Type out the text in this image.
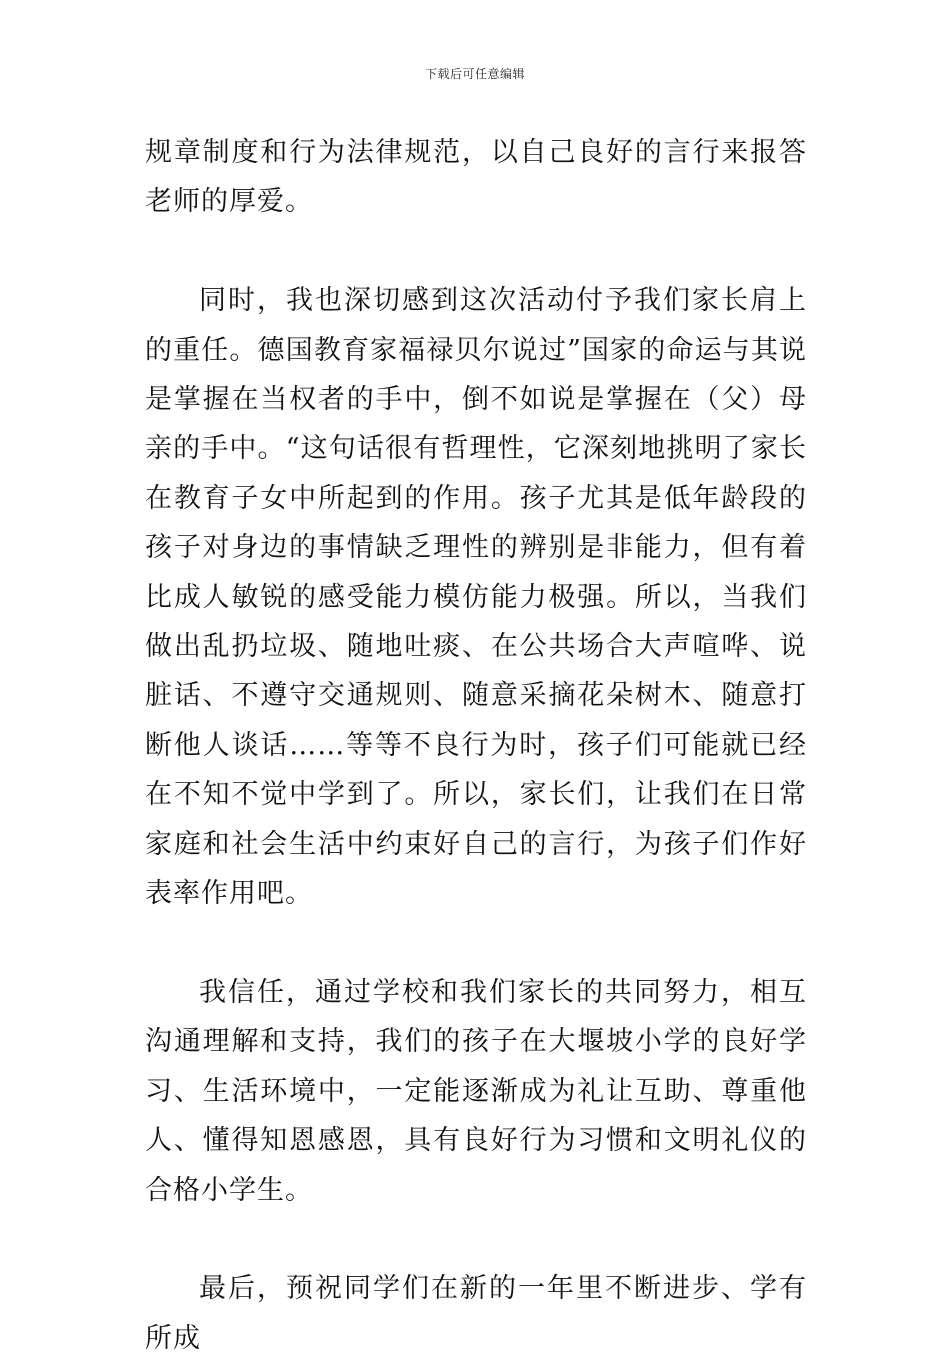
下载后可任意编辑

规章制度和行为法律规范，以自己良好的言行来报答老师的厚爱。

同时，我也深切感到这次活动付予我们家长肩上的重任。德国教育家福禄贝尔说过”国家的命运与其说是掌握在当权者的手中，倒不如说是掌握在（父）母亲的手中。“这句话很有哲理性，它深刻地挑明了家长在教育子女中所起到的作用。孩子尤其是低年龄段的孩子对身边的事情缺乏理性的辨别是非能力，但有着比成人敏锐的感受能力模仿能力极强。所以，当我们做出乱扔垃圾、随地吐痰、在公共场合大声喧哗、说脏话、不遵守交通规则、随意采摘花朵树木、随意打断他人谈话……等等不良行为时，孩子们可能就已经在不知不觉中学到了。所以，家长们，让我们在日常家庭和社会生活中约束好自己的言行，为孩子们作好表率作用吧。

我信任，通过学校和我们家长的共同努力，相互沟通理解和支持，我们的孩子在大堰坡小学的良好学习、生活环境中，一定能逐渐成为礼让互助、尊重他人、懂得知恩感恩，具有良好行为习惯和文明礼仪的合格小学生。

最后，预祝同学们在新的一年里不断进步、学有所成
